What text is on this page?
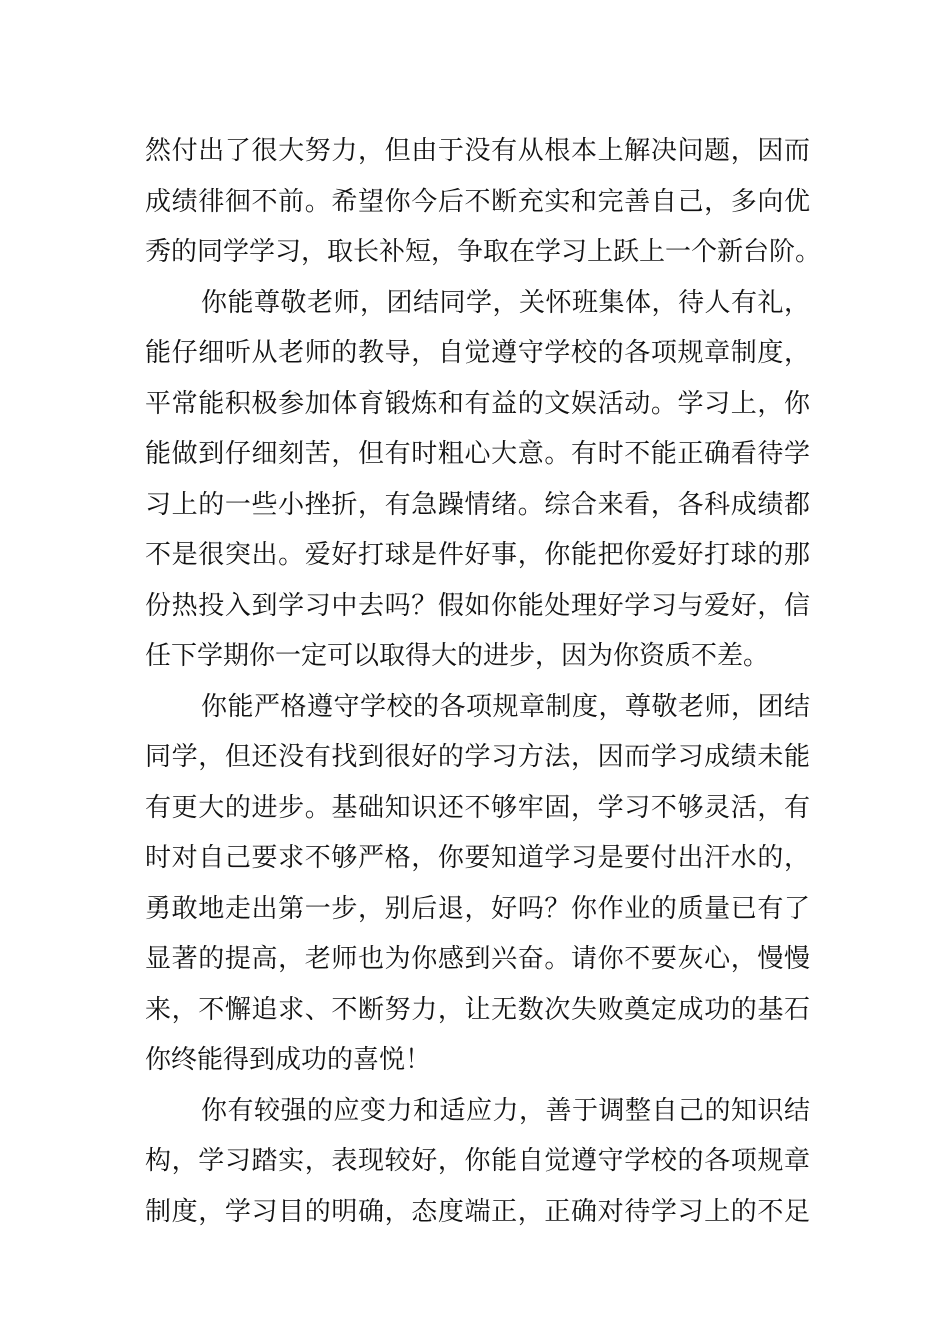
然付出了很大努力，但由于没有从根本上解决问题，因而
成绩徘徊不前。希望你今后不断充实和完善自己，多向优
秀的同学学习，取长补短，争取在学习上跃上一个新台阶。
你能尊敬老师，团结同学，关怀班集体，待人有礼，
能仔细听从老师的教导，自觉遵守学校的各项规章制度，
平常能积极参加体育锻炼和有益的文娱活动。学习上，你
能做到仔细刻苦，但有时粗心大意。有时不能正确看待学
习上的一些小挫折，有急躁情绪。综合来看，各科成绩都
不是很突出。爱好打球是件好事，你能把你爱好打球的那
份热投入到学习中去吗？假如你能处理好学习与爱好，信
任下学期你一定可以取得大的进步，因为你资质不差。
你能严格遵守学校的各项规章制度，尊敬老师，团结
同学，但还没有找到很好的学习方法，因而学习成绩未能
有更大的进步。基础知识还不够牢固，学习不够灵活，有
时对自己要求不够严格，你要知道学习是要付出汗水的，
勇敢地走出第一步，别后退，好吗？你作业的质量已有了
显著的提高，老师也为你感到兴奋。请你不要灰心，慢慢
来，不懈追求、不断努力，让无数次失败奠定成功的基石
你终能得到成功的喜悦！
你有较强的应变力和适应力，善于调整自己的知识结
构，学习踏实，表现较好，你能自觉遵守学校的各项规章
制度，学习目的明确，态度端正，正确对待学习上的不足
